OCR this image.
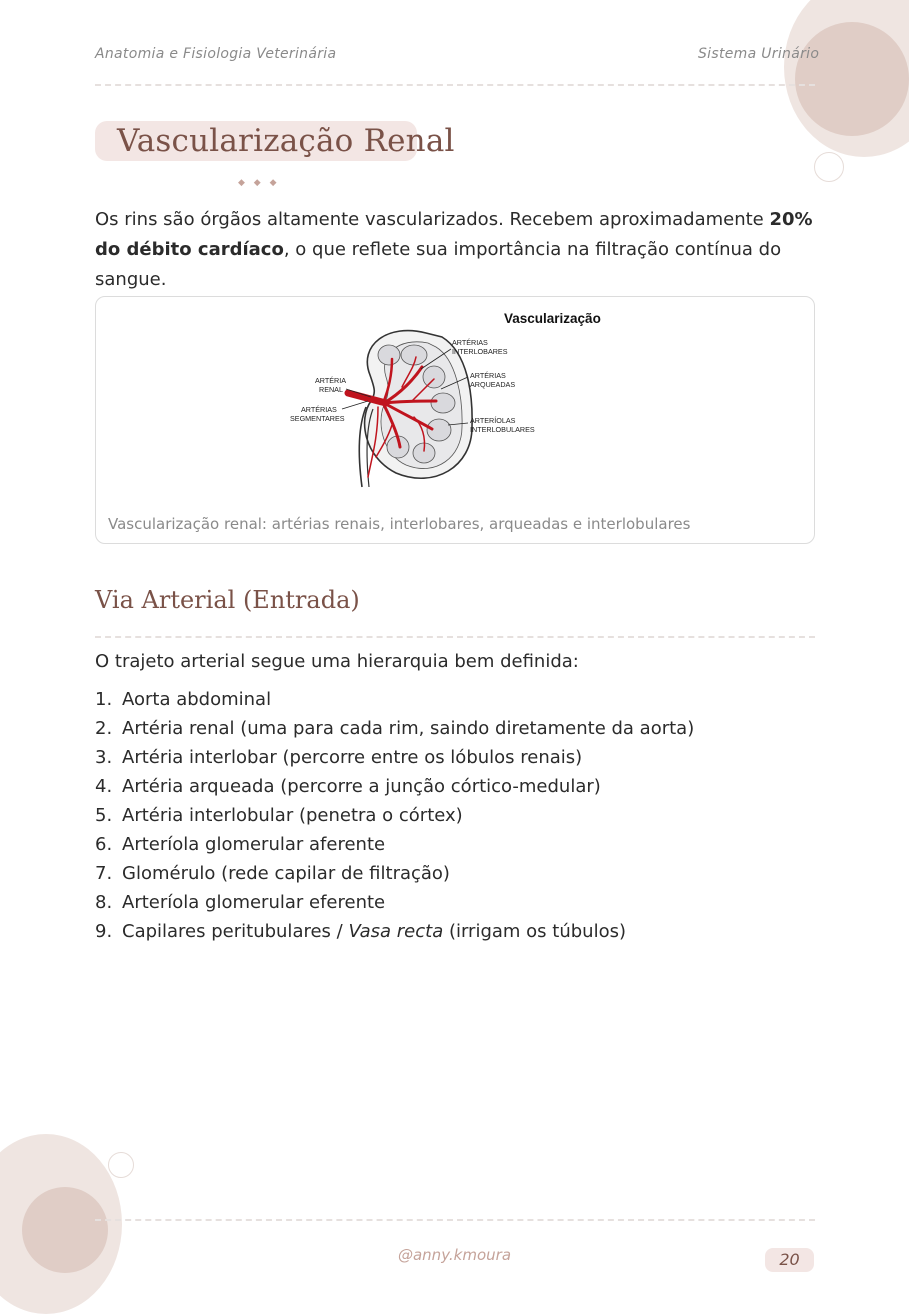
Anatomia e Fisiologia Veterinária	Sistema Urinário
Vascularização Renal
◆ ◆ ◆
Os rins são órgãos altamente vascularizados. Recebem aproximadamente 20% do débito cardíaco, o que reflete sua importância na filtração contínua do sangue.
Vascularização
ARTÉRIAS
INTERLOBARES
ARTÉRIAS
ARQUEADAS
ARTÉRIA
RENAL
ARTÉRIAS
SEGMENTARES	ARTERÍOLAS
INTERLOBULARES
Vascularização renal: artérias renais, interlobares, arqueadas e interlobulares
Via Arterial (Entrada)
O trajeto arterial segue uma hierarquia bem definida:
1. Aorta abdominal
2. Artéria renal (uma para cada rim, saindo diretamente da aorta)
3. Artéria interlobar (percorre entre os lóbulos renais)
4. Artéria arqueada (percorre a junção córtico-medular)
5. Artéria interlobular (penetra o córtex)
6. Arteríola glomerular aferente
7. Glomérulo (rede capilar de filtração)
8. Arteríola glomerular eferente
9. Capilares peritubulares / Vasa recta (irrigam os túbulos)
@anny.kmoura	20
